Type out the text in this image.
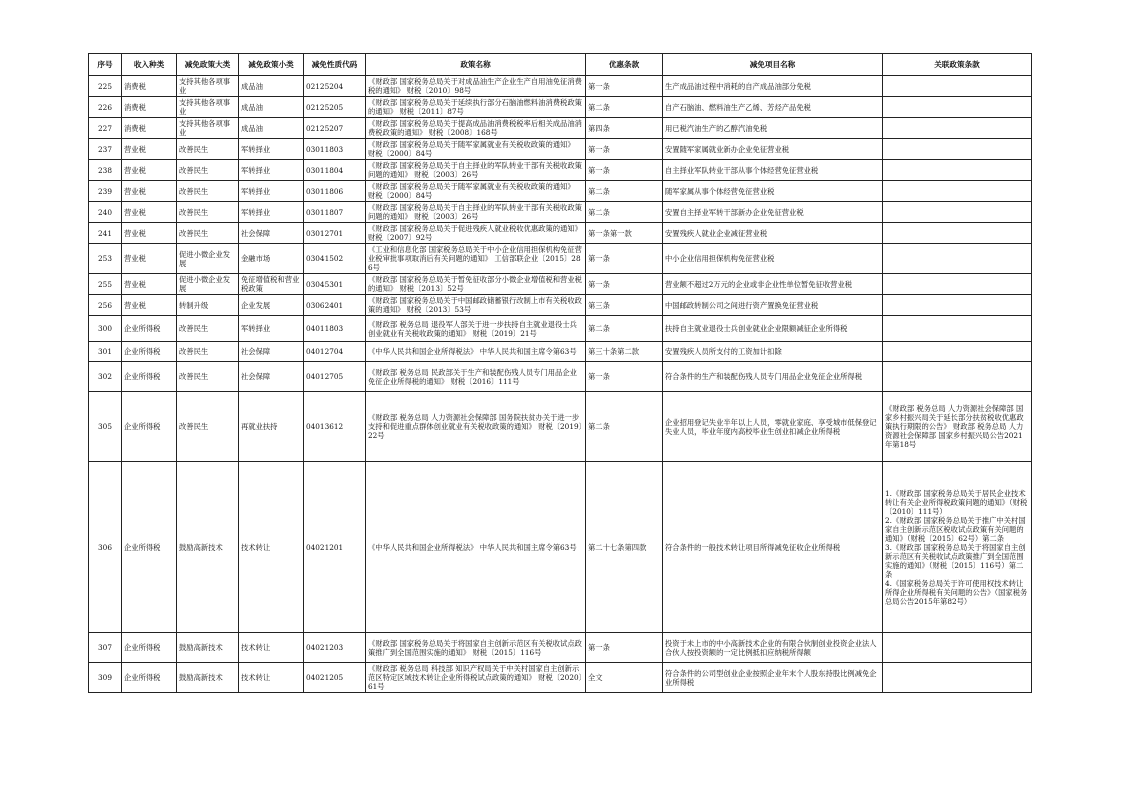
序号	收入种类	减免政策大类	减免政策小类	减免性质代码	政策名称	优惠条款	减免项目名称	关联政策条款
225	消费税	支持其他各项事业	成品油	02125204	《财政部 国家税务总局关于对成品油生产企业生产自用油免征消费税的通知》 财税〔2010〕98号	第一条	生产成品油过程中消耗的自产成品油部分免税	
226	消费税	支持其他各项事业	成品油	02125205	《财政部 国家税务总局关于延续执行部分石脑油燃料油消费税政策的通知》 财税〔2011〕87号	第二条	自产石脑油、燃料油生产乙烯、芳烃产品免税	
227	消费税	支持其他各项事业	成品油	02125207	《财政部 国家税务总局关于提高成品油消费税税率后相关成品油消费税政策的通知》 财税〔2008〕168号	第四条	用已税汽油生产的乙醇汽油免税	
237	营业税	改善民生	军转择业	03011803	《财政部 国家税务总局关于随军家属就业有关税收政策的通知》 财税〔2000〕84号	第一条	安置随军家属就业新办企业免征营业税	
238	营业税	改善民生	军转择业	03011804	《财政部 国家税务总局关于自主择业的军队转业干部有关税收政策问题的通知》 财税〔2003〕26号	第一条	自主择业军队转业干部从事个体经营免征营业税	
239	营业税	改善民生	军转择业	03011806	《财政部 国家税务总局关于随军家属就业有关税收政策的通知》 财税〔2000〕84号	第二条	随军家属从事个体经营免征营业税	
240	营业税	改善民生	军转择业	03011807	《财政部 国家税务总局关于自主择业的军队转业干部有关税收政策问题的通知》 财税〔2003〕26号	第二条	安置自主择业军转干部新办企业免征营业税	
241	营业税	改善民生	社会保障	03012701	《财政部 国家税务总局关于促进残疾人就业税收优惠政策的通知》 财税〔2007〕92号	第一条第一款	安置残疾人就业企业减征营业税	
253	营业税	促进小微企业发展	金融市场	03041502	《工业和信息化部 国家税务总局关于中小企业信用担保机构免征营业税审批事项取消后有关问题的通知》 工信部联企业〔2015〕286号	第一条	中小企业信用担保机构免征营业税	
255	营业税	促进小微企业发展	免征增值税和营业税政策	03045301	《财政部 国家税务总局关于暂免征收部分小微企业增值税和营业税的通知》 财税〔2013〕52号	第一条	营业额不超过2万元的企业或非企业性单位暂免征收营业税	
256	营业税	转制升级	企业发展	03062401	《财政部 国家税务总局关于中国邮政储蓄银行改制上市有关税收政策的通知》 财税〔2013〕53号	第三条	中国邮政转制公司之间进行资产置换免征营业税	
300	企业所得税	改善民生	军转择业	04011803	《财政部 税务总局 退役军人部关于进一步扶持自主就业退役士兵创业就业有关税收政策的通知》 财税〔2019〕21号	第二条	扶持自主就业退役士兵创业就业企业限额减征企业所得税	
301	企业所得税	改善民生	社会保障	04012704	《中华人民共和国企业所得税法》 中华人民共和国主席令第63号	第三十条第二款	安置残疾人员所支付的工资加计扣除	
302	企业所得税	改善民生	社会保障	04012705	《财政部 税务总局 民政部关于生产和装配伤残人员专门用品企业免征企业所得税的通知》 财税〔2016〕111号	第一条	符合条件的生产和装配伤残人员专门用品企业免征企业所得税	
305	企业所得税	改善民生	再就业扶持	04013612	《财政部 税务总局 人力资源社会保障部 国务院扶贫办关于进一步支持和促进重点群体创业就业有关税收政策的通知》 财税〔2019〕22号	第二条	企业招用登记失业半年以上人员，零就业家庭、享受城市低保登记失业人员，毕业年度内高校毕业生创业扣减企业所得税	《财政部 税务总局 人力资源社会保障部 国家乡村振兴局关于延长部分扶贫税收优惠政策执行期限的公告》 财政部 税务总局 人力资源社会保障部 国家乡村振兴局公告2021年第18号
306	企业所得税	鼓励高新技术	技术转让	04021201	《中华人民共和国企业所得税法》 中华人民共和国主席令第63号	第二十七条第四款	符合条件的一般技术转让项目所得减免征收企业所得税	1.《财政部 国家税务总局关于居民企业技术转让有关企业所得税政策问题的通知》（财税〔2010〕111号）
2.《财政部 国家税务总局关于推广中关村国家自主创新示范区税收试点政策有关问题的通知》（财税〔2015〕62号）第二条
3.《财政部 国家税务总局关于将国家自主创新示范区有关税收试点政策推广到全国范围实施的通知》（财税〔2015〕116号）第二条
4.《国家税务总局关于许可使用权技术转让所得企业所得税有关问题的公告》（国家税务总局公告2015年第82号）
307	企业所得税	鼓励高新技术	技术转让	04021203	《财政部 国家税务总局关于将国家自主创新示范区有关税收试点政策推广到全国范围实施的通知》 财税〔2015〕116号	第一条	投资于未上市的中小高新技术企业的有限合伙制创业投资企业法人合伙人按投资额的一定比例抵扣应纳税所得额	
309	企业所得税	鼓励高新技术	技术转让	04021205	《财政部 税务总局 科技部 知识产权局关于中关村国家自主创新示范区特定区域技术转让企业所得税试点政策的通知》 财税〔2020〕61号	全文	符合条件的公司型创业企业按照企业年末个人股东持股比例减免企业所得税	
